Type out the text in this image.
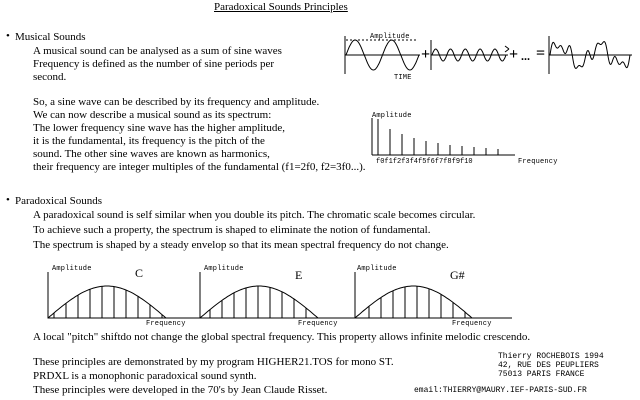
Paradoxical Sounds Principles
• Musical Sounds
A musical sound can be analysed as a sum of sine waves
Frequency is defined as the number of sine periods per
second.
So, a sine wave can be described by its frequency and amplitude.
We can now describe a musical sound as its spectrum:
The lower frequency sine wave has the higher amplitude,
it is the fundamental, its frequency is the pitch of the
sound. The other sine waves are known as harmonics,
their frequency are integer multiples of the fundamental (f1=2f0, f2=3f0...).
• Paradoxical Sounds
A paradoxical sound is self similar when you double its pitch. The chromatic scale becomes circular.
To achieve such a property, the spectrum is shaped to eliminate the notion of fundamental.
The spectrum is shaped by a steady envelop so that its mean spectral frequency do not change.
A local "pitch" shiftdo not change the global spectral frequency. This property allows infinite melodic crescendo.
These principles are demonstrated by my program HIGHER21.TOS for mono ST.
PRDXL is a monophonic paradoxical sound synth.
These principles were developed in the 70's by Jean Claude Risset.
Thierry ROCHEBOIS 1994
42, RUE DES PEUPLIERS
75013 PARIS FRANCE
email:THIERRY@MAURY.IEF-PARIS-SUD.FR
Amplitude
TIME
+	+ ... =
Amplitude
f0f1f2f3f4f5f6f7f8f9f10	Frequency
Amplitude	C
Frequency
Amplitude	E
Frequency
Amplitude	G#
Frequency
